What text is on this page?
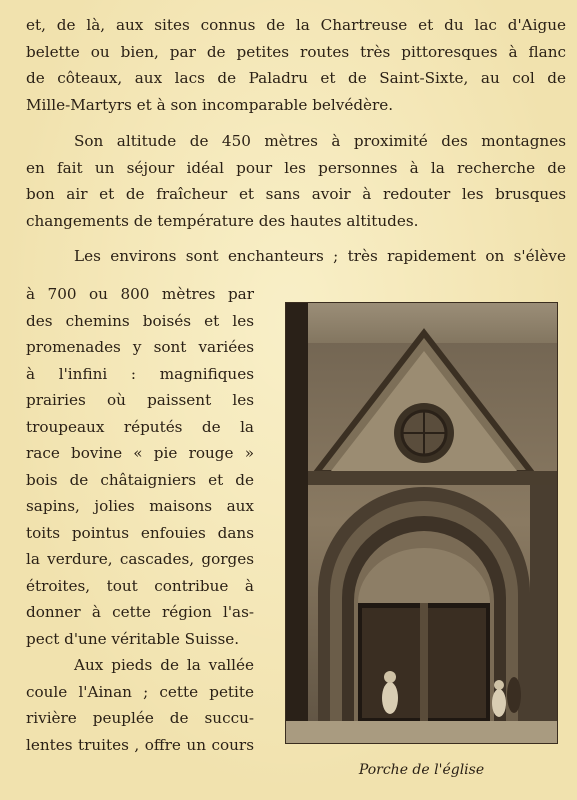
et, de là, aux sites connus de la Chartreuse et du lac d'Aigue
belette ou bien, par de petites routes très pittoresques à flanc
de côteaux, aux lacs de Paladru et de Saint-Sixte, au col de
Mille-Martyrs et à son incomparable belvédère.
Son altitude de 450 mètres à proximité des montagnes
en fait un séjour idéal pour les personnes à la recherche de
bon air et de fraîcheur et sans avoir à redouter les brusques
changements de température des hautes altitudes.
Les environs sont enchanteurs ; très rapidement on s'élève
à 700 ou 800 mètres par
des chemins boisés et les
promenades y sont variées
à l'infini : magnifiques
prairies où paissent les
troupeaux réputés de la
race bovine « pie rouge »
bois de châtaigniers et de
sapins, jolies maisons aux
toits pointus enfouies dans
la verdure, cascades, gorges
étroites, tout contribue à
donner à cette région l'as-
pect d'une véritable Suisse.
Aux pieds de la vallée
coule l'Ainan ; cette petite
rivière peuplée de succu-
lentes truites , offre un cours
Porche de l'église
